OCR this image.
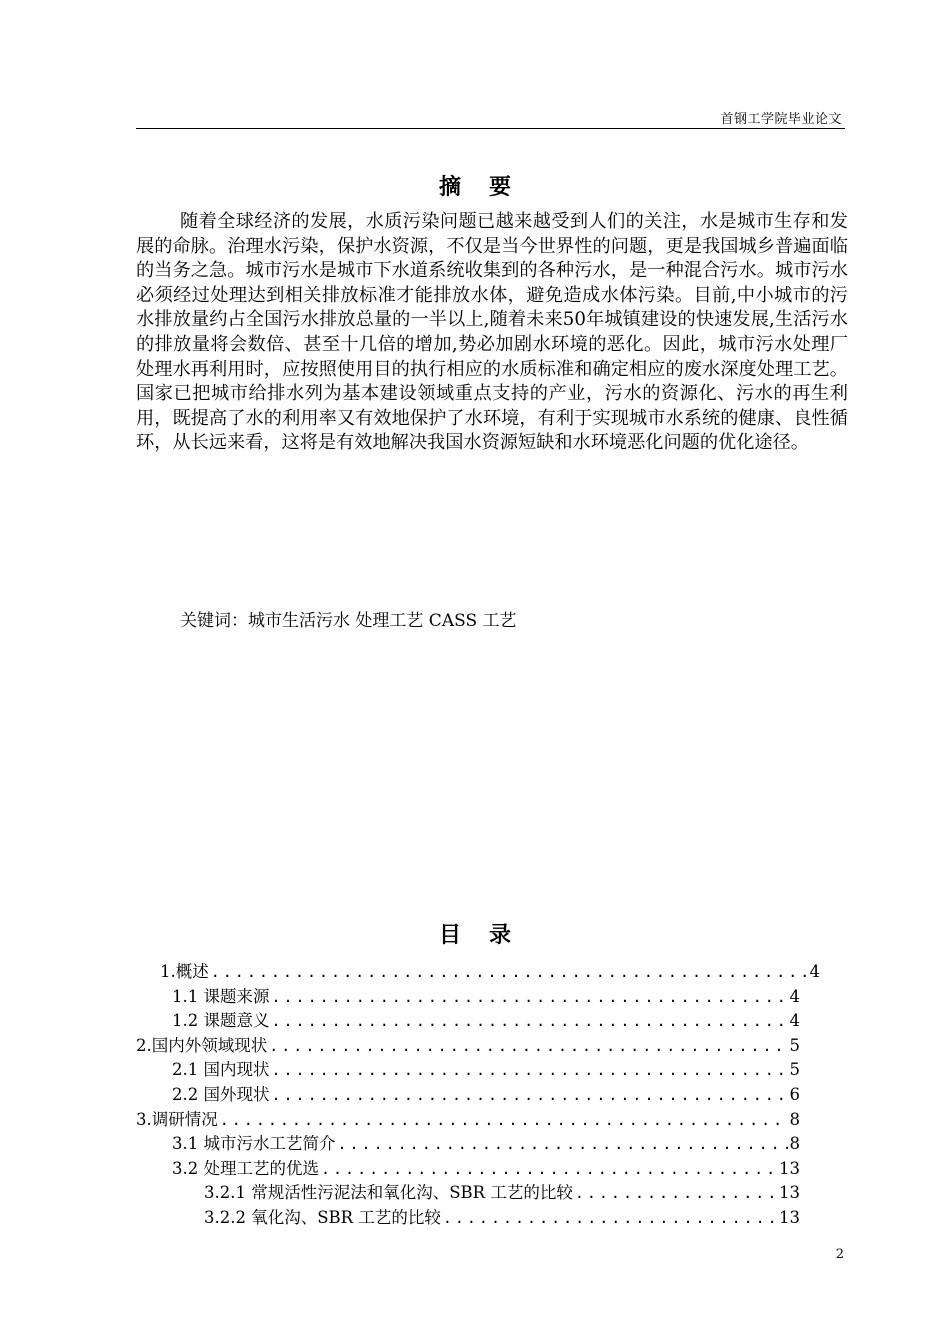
首钢工学院毕业论文
摘要

随着全球经济的发展，水质污染问题已越来越受到人们的关注，水是城市生存和发展的命脉。治理水污染，保护水资源，不仅是当今世界性的问题，更是我国城乡普遍面临的当务之急。城市污水是城市下水道系统收集到的各种污水，是一种混合污水。城市污水必须经过处理达到相关排放标准才能排放水体，避免造成水体污染。目前,中小城市的污水排放量约占全国污水排放总量的一半以上,随着未来50年城镇建设的快速发展,生活污水的排放量将会数倍、甚至十几倍的增加,势必加剧水环境的恶化。因此，城市污水处理厂处理水再利用时，应按照使用目的执行相应的水质标准和确定相应的废水深度处理工艺。国家已把城市给排水列为基本建设领域重点支持的产业，污水的资源化、污水的再生利用，既提高了水的利用率又有效地保护了水环境，有利于实现城市水系统的健康、良性循环，从长远来看，这将是有效地解决我国水资源短缺和水环境恶化问题的优化途径。

关键词：城市生活污水 处理工艺 CASS 工艺
目录
1.概述 .....	4
1.1 课题来源 .....	4
1.2 课题意义 .....	4
2.国内外领域现状 .....	5
2.1 国内现状 .....	5
2.2 国外现状 .....	6
3.调研情况 .....	8
3.1 城市污水工艺简介 .....	8
3.2 处理工艺的优选 .....	13
3.2.1 常规活性污泥法和氧化沟、SBR 工艺的比较 .....	13
3.2.2 氧化沟、SBR 工艺的比较 .....	13
2
